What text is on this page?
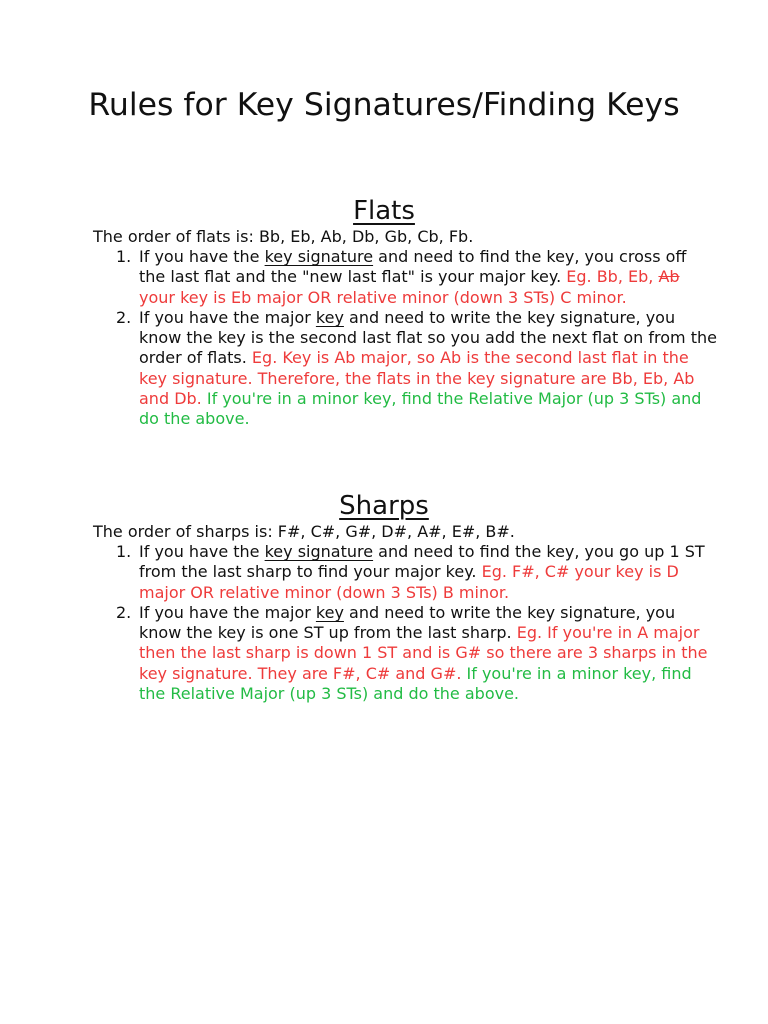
Rules for Key Signatures/Finding Keys
Flats

The order of flats is: Bb, Eb, Ab, Db, Gb, Cb, Fb.

1. If you have the key signature and need to find the key, you cross off the last flat and the "new last flat" is your major key. Eg. Bb, Eb, Ab your key is Eb major OR relative minor (down 3 STs) C minor.
2. If you have the major key and need to write the key signature, you know the key is the second last flat so you add the next flat on from the order of flats. Eg. Key is Ab major, so Ab is the second last flat in the key signature. Therefore, the flats in the key signature are Bb, Eb, Ab and Db. If you're in a minor key, find the Relative Major (up 3 STs) and do the above.
Sharps

The order of sharps is: F#, C#, G#, D#, A#, E#, B#.

1. If you have the key signature and need to find the key, you go up 1 ST from the last sharp to find your major key. Eg. F#, C# your key is D major OR relative minor (down 3 STs) B minor.
2. If you have the major key and need to write the key signature, you know the key is one ST up from the last sharp. Eg. If you're in A major then the last sharp is down 1 ST and is G# so there are 3 sharps in the key signature. They are F#, C# and G#. If you're in a minor key, find the Relative Major (up 3 STs) and do the above.
